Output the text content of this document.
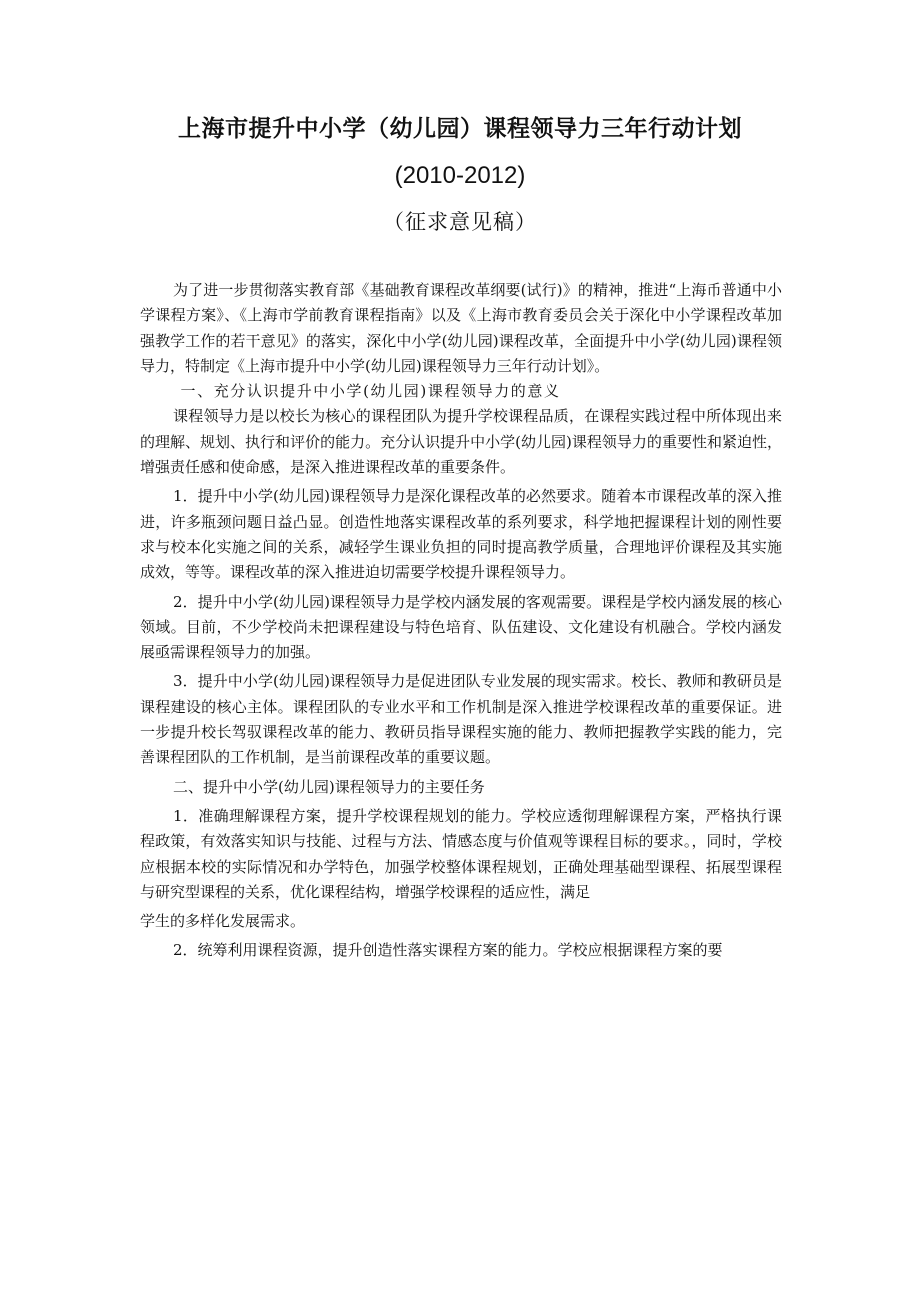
上海市提升中小学（幼儿园）课程领导力三年行动计划
(2010-2012)
（征求意见稿）

为了进一步贯彻落实教育部《基础教育课程改革纲要(试行)》的精神，推进“上海币普通中小学课程方案》、《上海市学前教育课程指南》以及《上海市教育委员会关于深化中小学课程改革加强教学工作的若干意见》的落实，深化中小学(幼儿园)课程改革，全面提升中小学(幼儿园)课程领导力，特制定《上海市提升中小学(幼儿园)课程领导力三年行动计划》。

一、充分认识提升中小学(幼儿园)课程领导力的意义

课程领导力是以校长为核心的课程团队为提升学校课程品质，在课程实践过程中所体现出来的理解、规划、执行和评价的能力。充分认识提升中小学(幼儿园)课程领导力的重要性和紧迫性，增强责任感和使命感，是深入推进课程改革的重要条件。

1．提升中小学(幼儿园)课程领导力是深化课程改革的必然要求。随着本市课程改革的深入推进，许多瓶颈问题日益凸显。创造性地落实课程改革的系列要求，科学地把握课程计划的刚性要求与校本化实施之间的关系，减轻学生课业负担的同时提高教学质量，合理地评价课程及其实施成效，等等。课程改革的深入推进迫切需要学校提升课程领导力。

2．提升中小学(幼儿园)课程领导力是学校内涵发展的客观需要。课程是学校内涵发展的核心领域。目前，不少学校尚未把课程建设与特色培育、队伍建设、文化建设有机融合。学校内涵发展亟需课程领导力的加强。

3．提升中小学(幼儿园)课程领导力是促进团队专业发展的现实需求。校长、教师和教研员是课程建设的核心主体。课程团队的专业水平和工作机制是深入推进学校课程改革的重要保证。进一步提升校长驾驭课程改革的能力、教研员指导课程实施的能力、教师把握教学实践的能力，完善课程团队的工作机制，是当前课程改革的重要议题。

二、提升中小学(幼儿园)课程领导力的主要任务

1．准确理解课程方案，提升学校课程规划的能力。学校应透彻理解课程方案，严格执行课程政策，有效落实知识与技能、过程与方法、情感态度与价值观等课程目标的要求。，同时，学校应根据本校的实际情况和办学特色，加强学校整体课程规划，正确处理基础型课程、拓展型课程与研究型课程的关系，优化课程结构，增强学校课程的适应性，满足

学生的多样化发展需求。

2．统筹利用课程资源，提升创造性落实课程方案的能力。学校应根据课程方案的要
